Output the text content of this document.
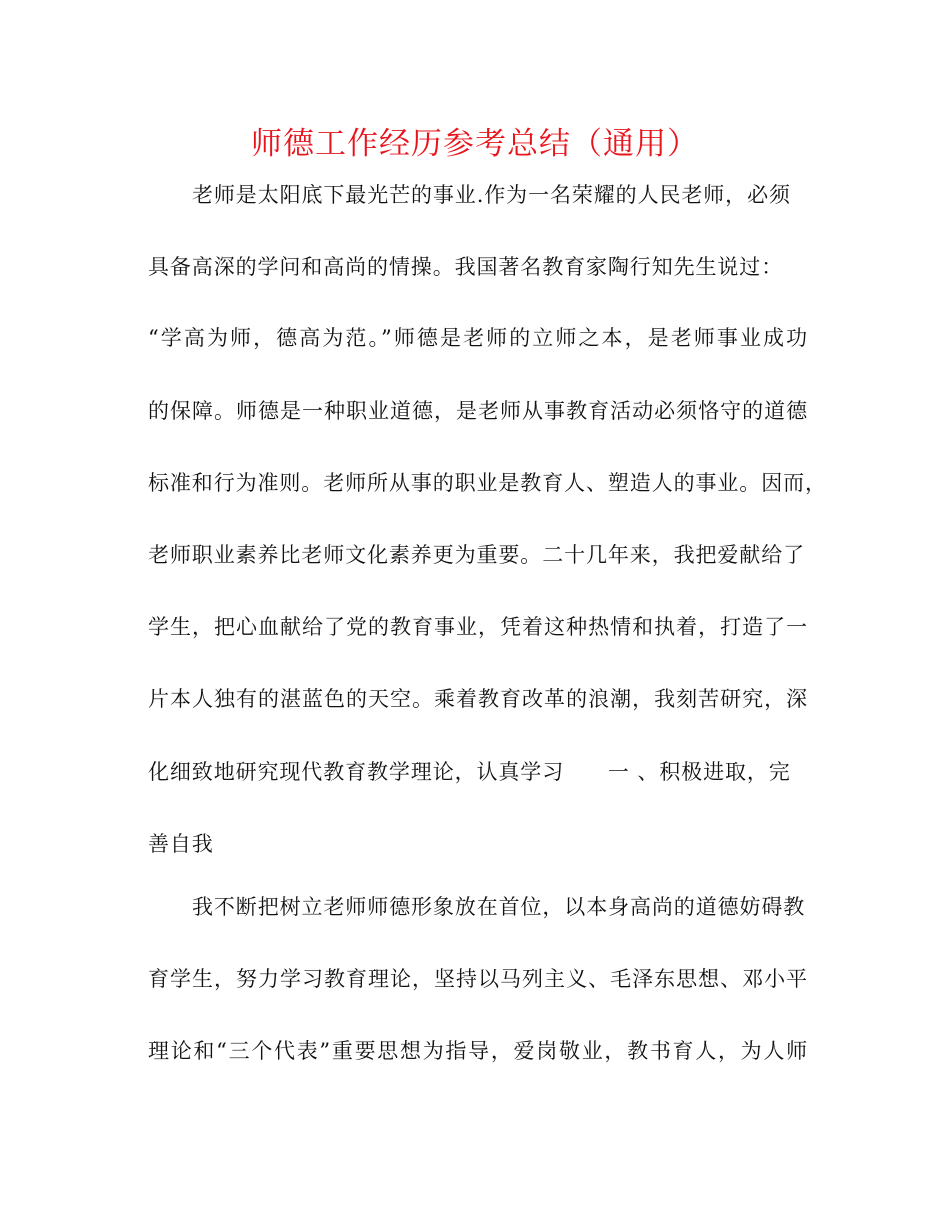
师德工作经历参考总结（通用）
老师是太阳底下最光芒的事业.作为一名荣耀的人民老师，必须
具备高深的学问和高尚的情操。我国著名教育家陶行知先生说过：
“学高为师，德高为范。”师德是老师的立师之本，是老师事业成功
的保障。师德是一种职业道德，是老师从事教育活动必须恪守的道德
标准和行为准则。老师所从事的职业是教育人、塑造人的事业。因而，
老师职业素养比老师文化素养更为重要。二十几年来，我把爱献给了
学生，把心血献给了党的教育事业，凭着这种热情和执着，打造了一
片本人独有的湛蓝色的天空。乘着教育改革的浪潮，我刻苦研究，深
化细致地研究现代教育教学理论，认真学习　　一 、积极进取，完
善自我
我不断把树立老师师德形象放在首位，以本身高尚的道德妨碍教
育学生，努力学习教育理论，坚持以马列主义、毛泽东思想、邓小平
理论和“三个代表”重要思想为指导，爱岗敬业，教书育人，为人师
